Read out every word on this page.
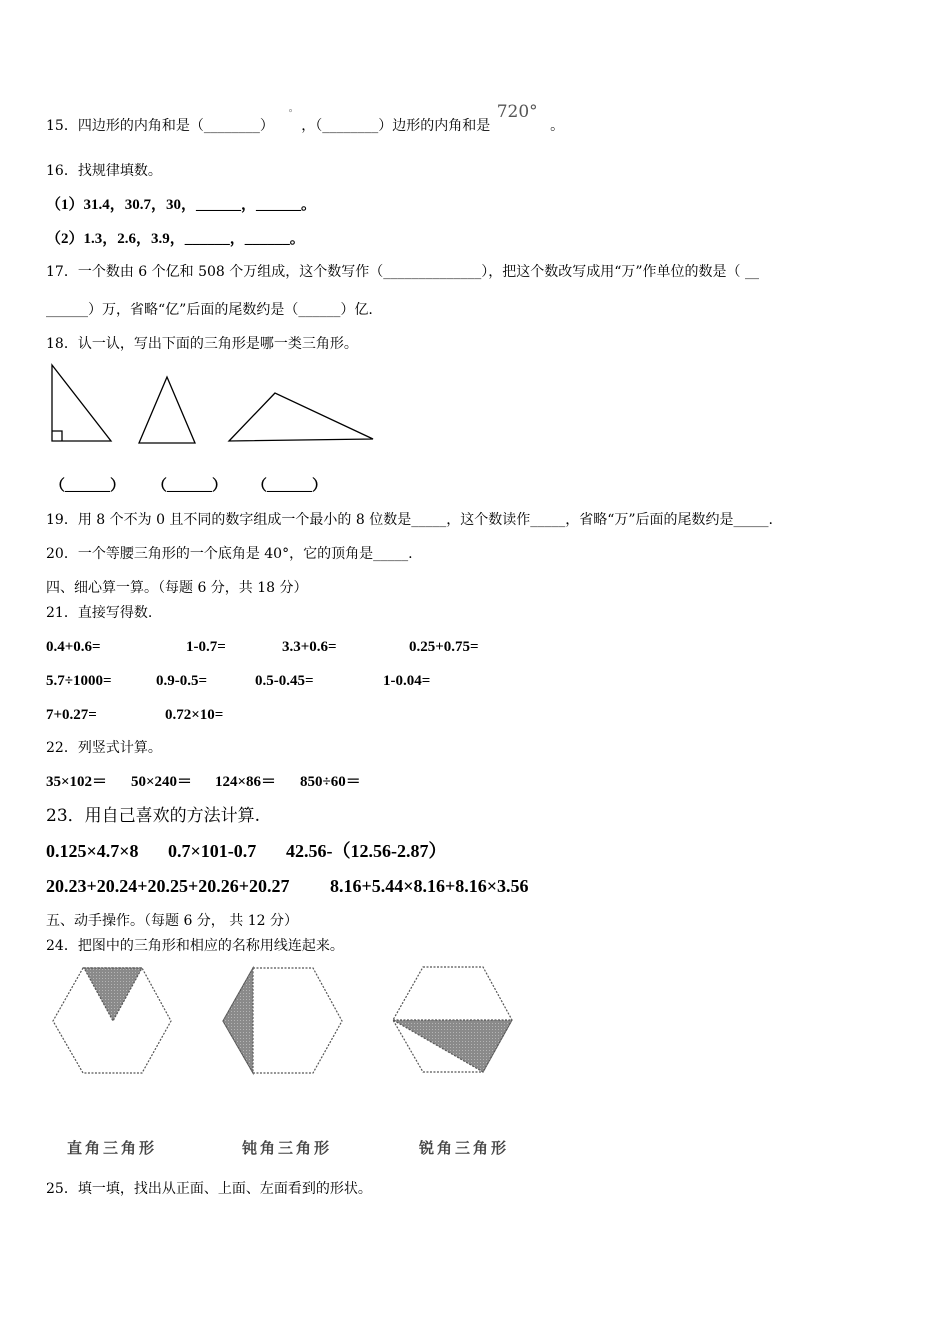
15．四边形的内角和是（________） ° ，（________）边形的内角和是 720° 。
16．找规律填数。
（1）31.4，30.7，30，______，______。
（2）1.3，2.6，3.9，______，______。
17．一个数由 6 个亿和 508 个万组成，这个数写作（______________），把这个数改写成用“万”作单位的数是（ __
______）万，省略“亿”后面的尾数约是（______）亿.
18．认一认，写出下面的三角形是哪一类三角形。
（______） （______） （______）
19．用 8 个不为 0 且不同的数字组成一个最小的 8 位数是_____，这个数读作_____，省略“万”后面的尾数约是_____.
20．一个等腰三角形的一个底角是 40°，它的顶角是_____.
四、细心算一算。（每题 6 分，共 18 分）
21．直接写得数.
0.4+0.6=	1-0.7=	3.3+0.6=	0.25+0.75=
5.7÷1000=	0.9-0.5=	0.5-0.45=	1-0.04=
7+0.27=	0.72×10=
22．列竖式计算。
35×102＝ 50×240＝ 124×86＝ 850÷60＝
23．用自己喜欢的方法计算.
0.125×4.7×8 0.7×101-0.7 42.56-（12.56-2.87）
20.23+20.24+20.25+20.26+20.27 8.16+5.44×8.16+8.16×3.56
五、动手操作。（每题 6 分， 共 12 分）
24．把图中的三角形和相应的名称用线连起来。
直角三角形	钝角三角形	锐角三角形
25．填一填，找出从正面、上面、左面看到的形状。
